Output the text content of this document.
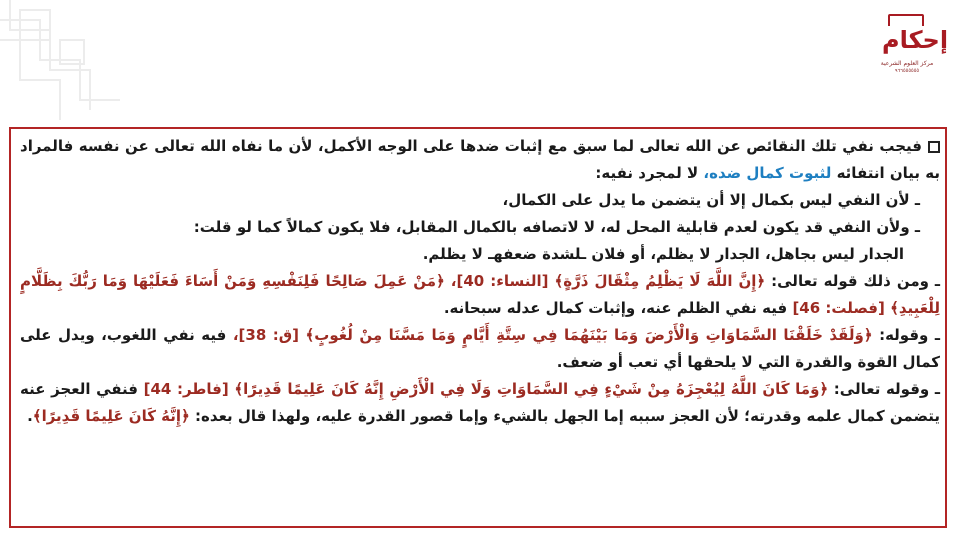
إحكام
مركز العلوم الشرعية
٩٦٦٥٥٥٥٥٥

فيجب نفي تلك النقائص عن الله تعالى لما سبق مع إثبات ضدها على الوجه الأكمل، لأن ما نفاه الله تعالى عن نفسه فالمراد به بيان انتفائه لثبوت كمال ضده، لا لمجرد نفيه:

ـ لأن النفي ليس بكمال إلا أن يتضمن ما يدل على الكمال،

ـ ولأن النفي قد يكون لعدم قابلية المحل له، لا لاتصافه بالكمال المقابل، فلا يكون كمالاً كما لو قلت:

الجدار ليس بجاهل، الجدار لا يظلم، أو فلان ـلشدة ضعفهـ لا يظلم.

ـ ومن ذلك قوله تعالى: ﴿إِنَّ اللَّهَ لَا يَظْلِمُ مِثْقَالَ ذَرَّةٍ﴾ [النساء: 40]، ﴿مَنْ عَمِلَ صَالِحًا فَلِنَفْسِهِ وَمَنْ أَسَاءَ فَعَلَيْهَا وَمَا رَبُّكَ بِظَلَّامٍ لِلْعَبِيدِ﴾ [فصلت: 46] فيه نفي الظلم عنه، وإثبات كمال عدله سبحانه.

ـ وقوله: ﴿وَلَقَدْ خَلَقْنَا السَّمَاوَاتِ وَالْأَرْضَ وَمَا بَيْنَهُمَا فِي سِتَّةِ أَيَّامٍ وَمَا مَسَّنَا مِنْ لُغُوبٍ﴾ [ق: 38]، فيه نفي اللغوب، ويدل على كمال القوة والقدرة التي لا يلحقها أي تعب أو ضعف.

ـ وقوله تعالى: ﴿وَمَا كَانَ اللَّهُ لِيُعْجِزَهُ مِنْ شَيْءٍ فِي السَّمَاوَاتِ وَلَا فِي الْأَرْضِ إِنَّهُ كَانَ عَلِيمًا قَدِيرًا﴾ [فاطر: 44] فنفي العجز عنه يتضمن كمال علمه وقدرته؛ لأن العجز سببه إما الجهل بالشيء وإما قصور القدرة عليه، ولهذا قال بعده: ﴿إِنَّهُ كَانَ عَلِيمًا قَدِيرًا﴾.
